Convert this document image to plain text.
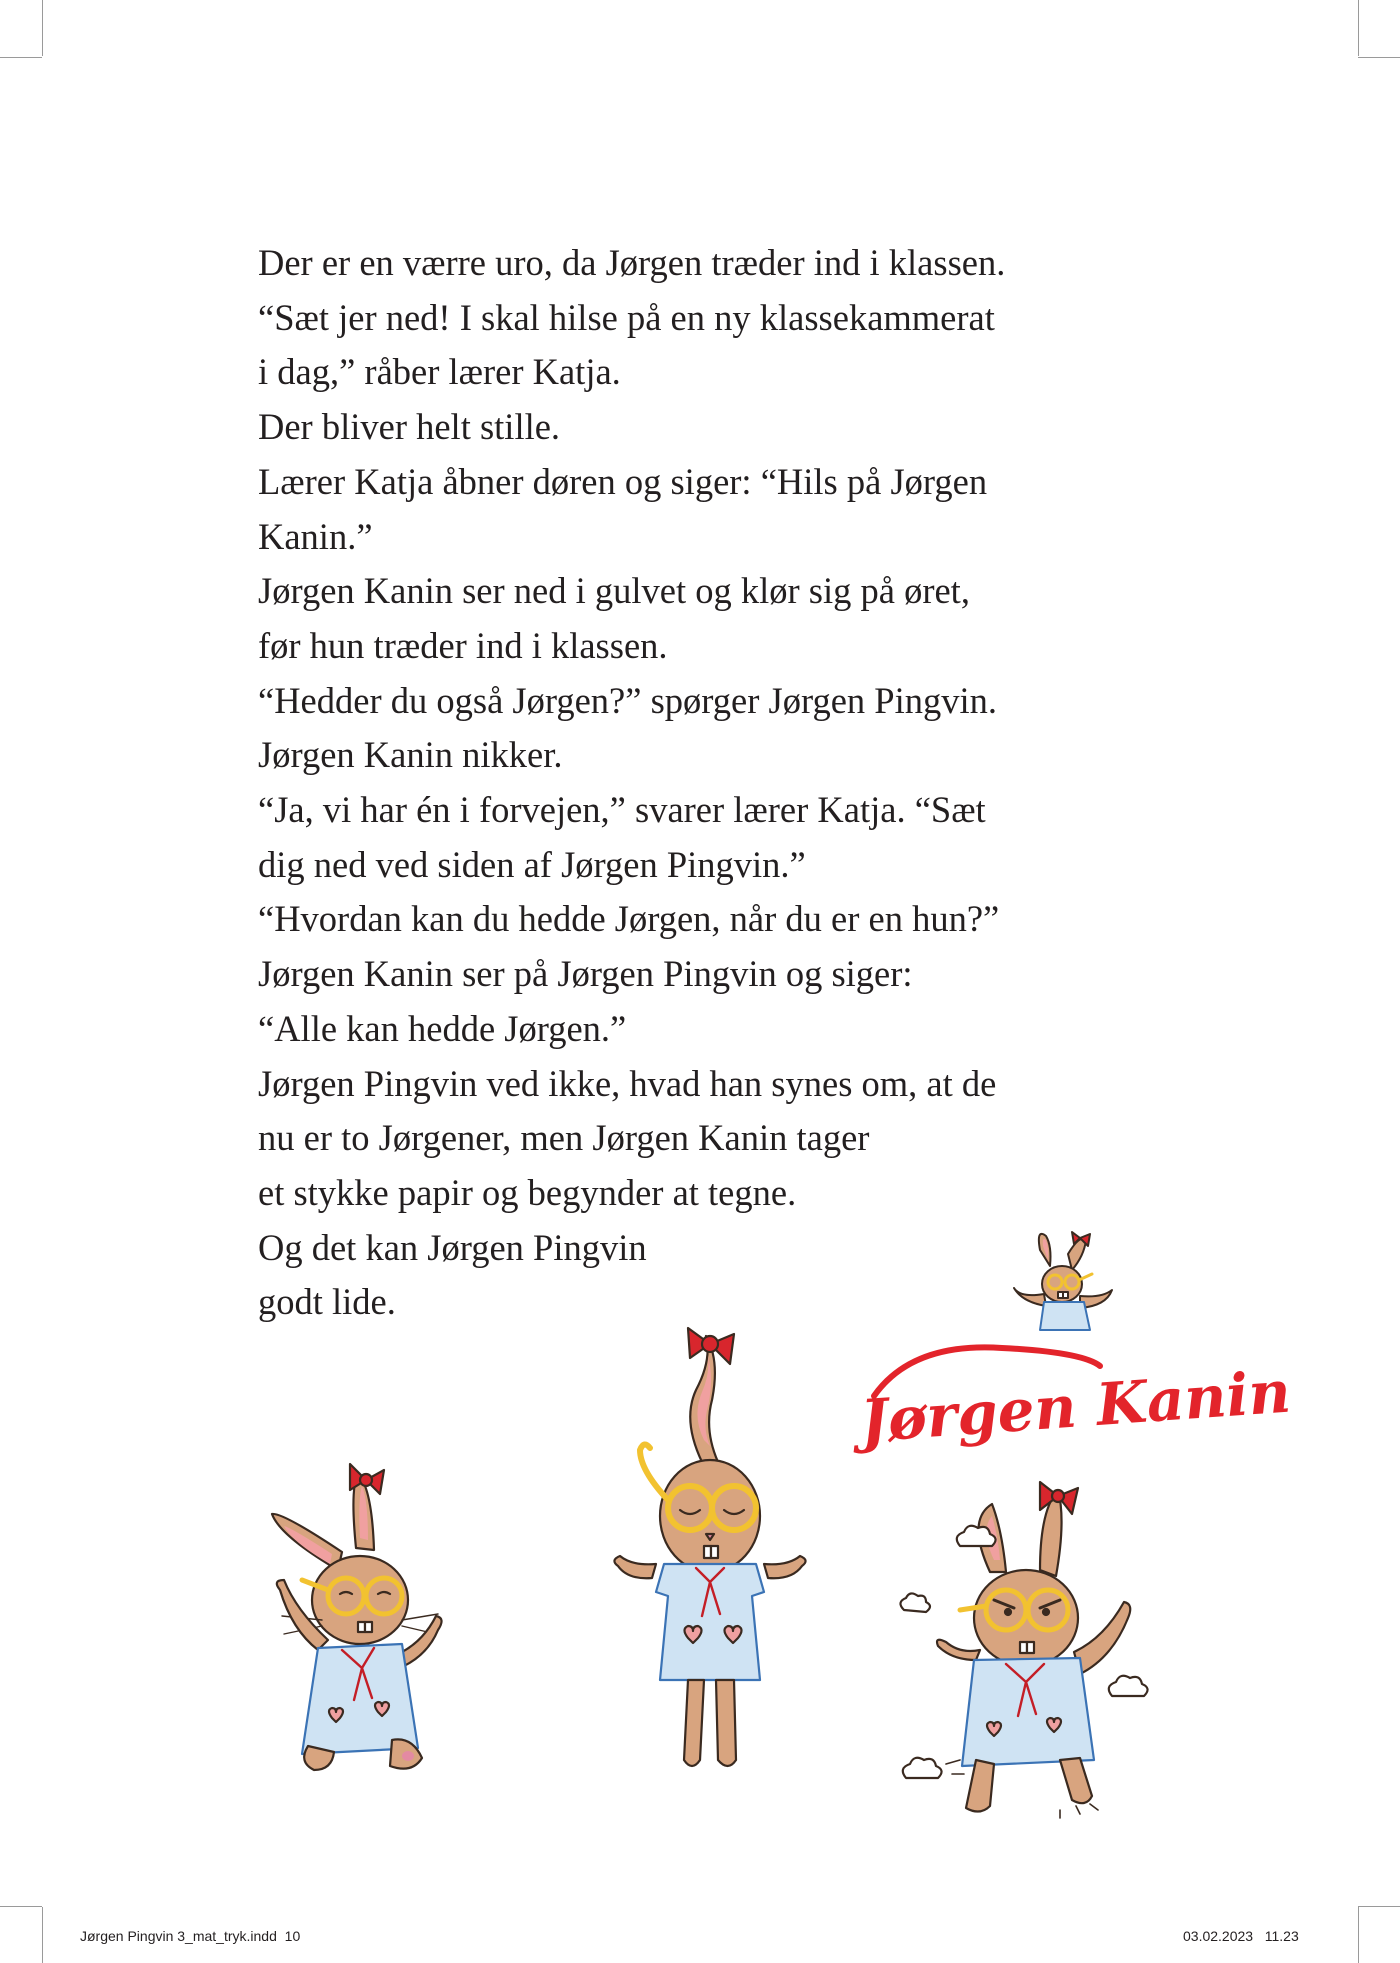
Der er en værre uro, da Jørgen træder ind i klassen.
“Sæt jer ned! I skal hilse på en ny klassekammerat
i dag,” råber lærer Katja.
Der bliver helt stille.
Lærer Katja åbner døren og siger: “Hils på Jørgen
Kanin.”
Jørgen Kanin ser ned i gulvet og klør sig på øret,
før hun træder ind i klassen.
“Hedder du også Jørgen?” spørger Jørgen Pingvin.
Jørgen Kanin nikker.
“Ja, vi har én i forvejen,” svarer lærer Katja. “Sæt
dig ned ved siden af Jørgen Pingvin.”
“Hvordan kan du hedde Jørgen, når du er en hun?”
Jørgen Kanin ser på Jørgen Pingvin og siger:
“Alle kan hedde Jørgen.”
Jørgen Pingvin ved ikke, hvad han synes om, at de
nu er to Jørgener, men Jørgen Kanin tager
et stykke papir og begynder at tegne.
Og det kan Jørgen Pingvin
godt lide.
Jørgen Kanin
Jørgen Pingvin 3_mat_tryk.indd 10	03.02.2023 11.23
